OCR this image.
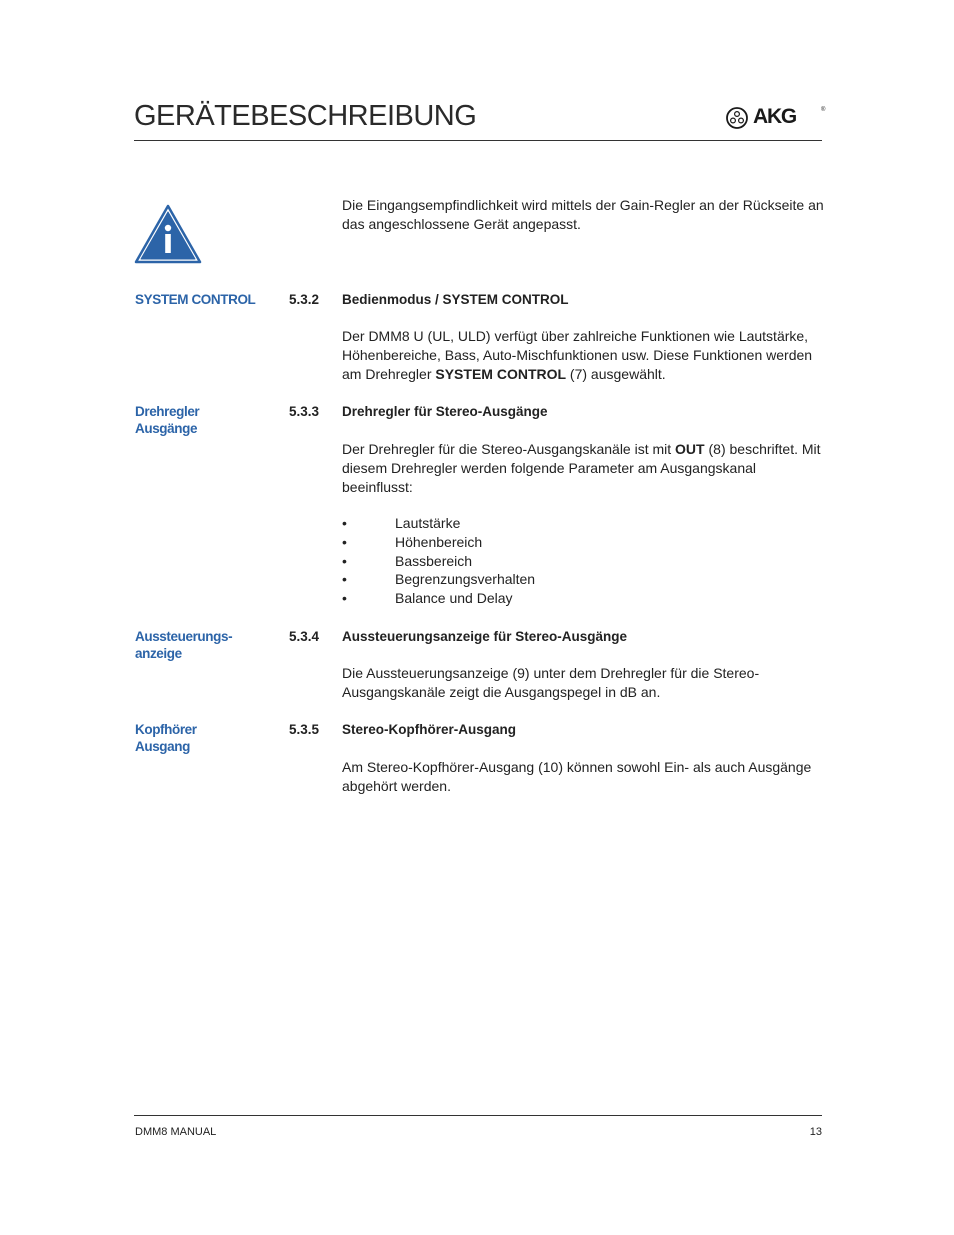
GERÄTEBESCHREIBUNG	AKG	®

Die Eingangsempfindlichkeit wird mittels der Gain-Regler an der Rückseite an das angeschlossene Gerät angepasst.

SYSTEM CONTROL	5.3.2 Bedienmodus / SYSTEM CONTROL

Der DMM8 U (UL, ULD) verfügt über zahlreiche Funktionen wie Lautstärke, Höhenbereiche, Bass, Auto-Mischfunktionen usw. Diese Funktionen werden am Drehregler SYSTEM CONTROL (7) ausgewählt.

Drehregler
Ausgänge
5.3.3 Drehregler für Stereo-Ausgänge

Der Drehregler für die Stereo-Ausgangskanäle ist mit OUT (8) beschriftet. Mit diesem Drehregler werden folgende Parameter am Ausgangskanal beeinflusst:

•	Lautstärke
•	Höhenbereich
•	Bassbereich
•	Begrenzungsverhalten
•	Balance und Delay
Aussteuerungs-
anzeige
5.3.4 Aussteuerungsanzeige für Stereo-Ausgänge

Die Aussteuerungsanzeige (9) unter dem Drehregler für die Stereo-Ausgangskanäle zeigt die Ausgangspegel in dB an.

Kopfhörer
Ausgang
5.3.5 Stereo-Kopfhörer-Ausgang

Am Stereo-Kopfhörer-Ausgang (10) können sowohl Ein- als auch Ausgänge abgehört werden.

DMM8 MANUAL	13
